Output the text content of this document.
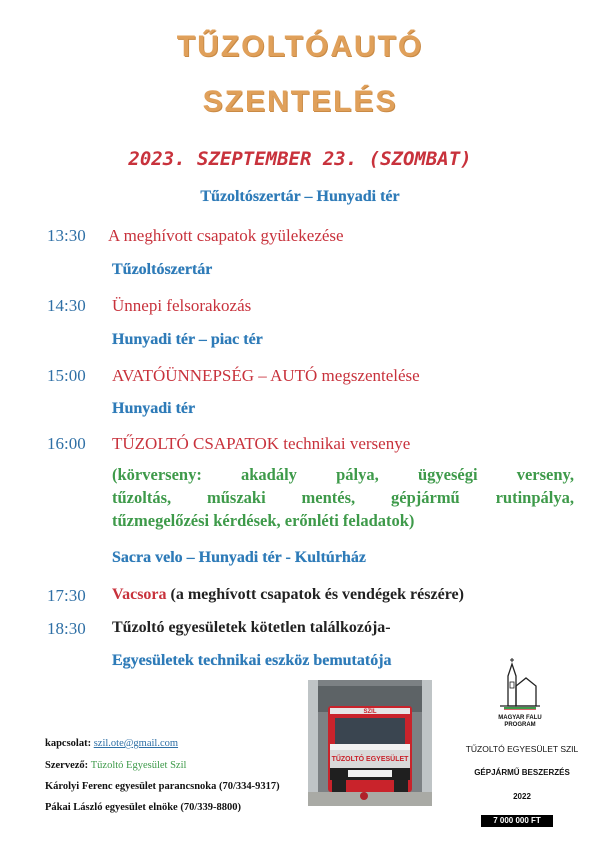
TŰZOLTÓAUTÓ
SZENTELÉS
2023. SZEPTEMBER 23. (SZOMBAT)
Tűzoltószertár – Hunyadi tér
13:30 A meghívott csapatok gyülekezése
Tűzoltószertár
14:30 Ünnepi felsorakozás
Hunyadi tér – piac tér
15:00 AVATÓÜNNEPSÉG – AUTÓ megszentelése
Hunyadi tér
16:00 TŰZOLTÓ CSAPATOK technikai versenye
(körverseny: akadály pálya, ügyeségi verseny,
tűzoltás, műszaki mentés, gépjármű rutinpálya,
tűzmegelőzési kérdések, erőnléti feladatok)
Sacra velo – Hunyadi tér - Kultúrház
17:30 Vacsora (a meghívott csapatok és vendégek részére)
18:30 Tűzoltó egyesületek kötetlen találkozója-
Egyesületek technikai eszköz bemutatója
kapcsolat: szil.ote@gmail.com
Szervező: Tűzoltó Egyesület Szil
Károlyi Ferenc egyesület parancsnoka (70/334-9317)
Pákai László egyesület elnöke (70/339-8800)
SZIL
TŰZOLTÓ EGYESÜLET
MAGYAR FALU
PROGRAM
TŰZOLTÓ EGYESÜLET SZIL
GÉPJÁRMŰ BESZERZÉS
2022
7 000 000 FT
